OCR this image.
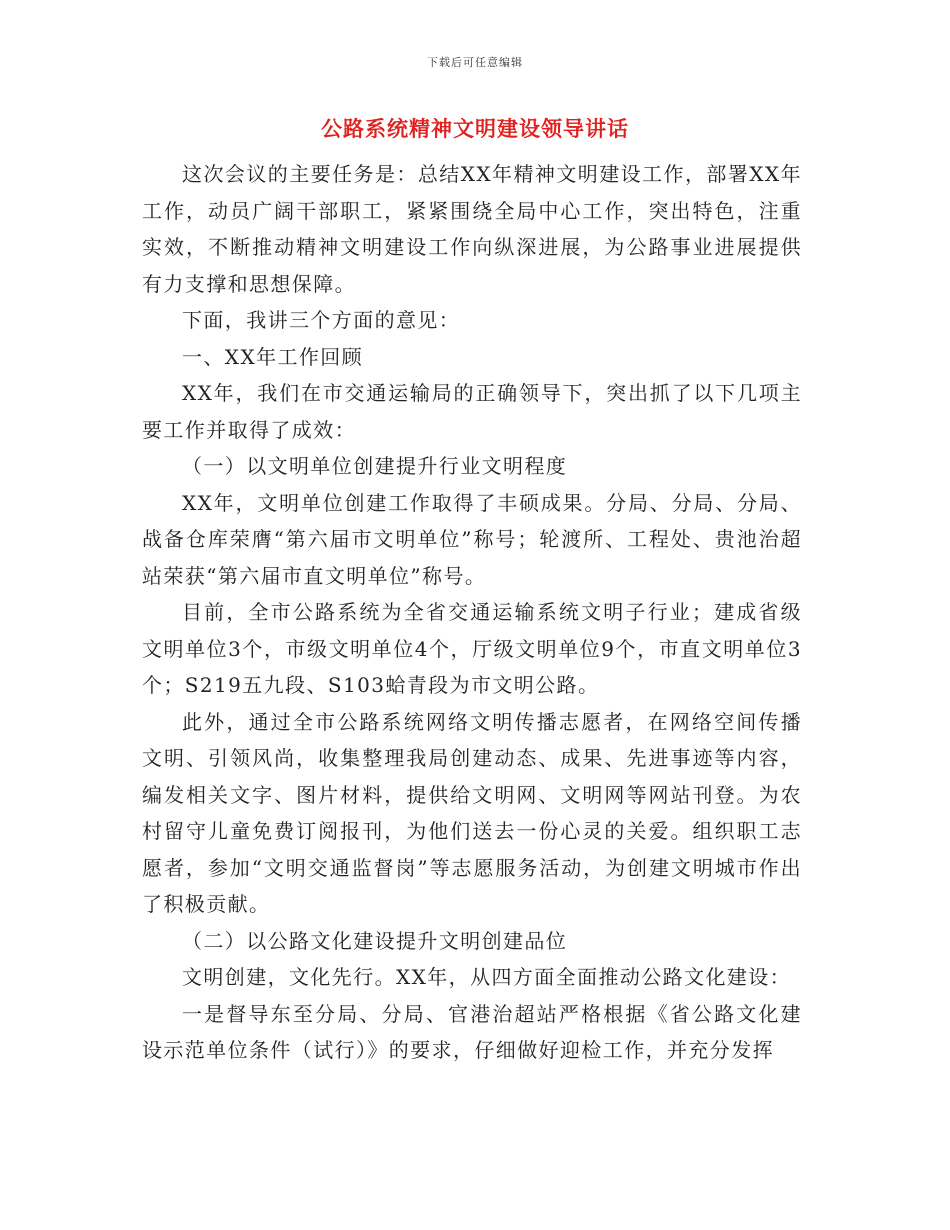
下载后可任意编辑
公路系统精神文明建设领导讲话

这次会议的主要任务是：总结XX年精神文明建设工作，部署XX年工作，动员广阔干部职工，紧紧围绕全局中心工作，突出特色，注重实效，不断推动精神文明建设工作向纵深进展，为公路事业进展提供有力支撑和思想保障。

下面，我讲三个方面的意见：

一、XX年工作回顾

XX年，我们在市交通运输局的正确领导下，突出抓了以下几项主要工作并取得了成效：

（一）以文明单位创建提升行业文明程度

XX年，文明单位创建工作取得了丰硕成果。分局、分局、分局、战备仓库荣膺“第六届市文明单位”称号；轮渡所、工程处、贵池治超站荣获“第六届市直文明单位”称号。

目前，全市公路系统为全省交通运输系统文明子行业；建成省级文明单位3个，市级文明单位4个，厅级文明单位9个，市直文明单位3个；S219五九段、S103蛤青段为市文明公路。

此外，通过全市公路系统网络文明传播志愿者，在网络空间传播文明、引领风尚，收集整理我局创建动态、成果、先进事迹等内容，编发相关文字、图片材料，提供给文明网、文明网等网站刊登。为农村留守儿童免费订阅报刊，为他们送去一份心灵的关爱。组织职工志愿者，参加“文明交通监督岗”等志愿服务活动，为创建文明城市作出了积极贡献。

（二）以公路文化建设提升文明创建品位

文明创建，文化先行。XX年，从四方面全面推动公路文化建设：

一是督导东至分局、分局、官港治超站严格根据《省公路文化建设示范单位条件（试行）》的要求，仔细做好迎检工作，并充分发挥
